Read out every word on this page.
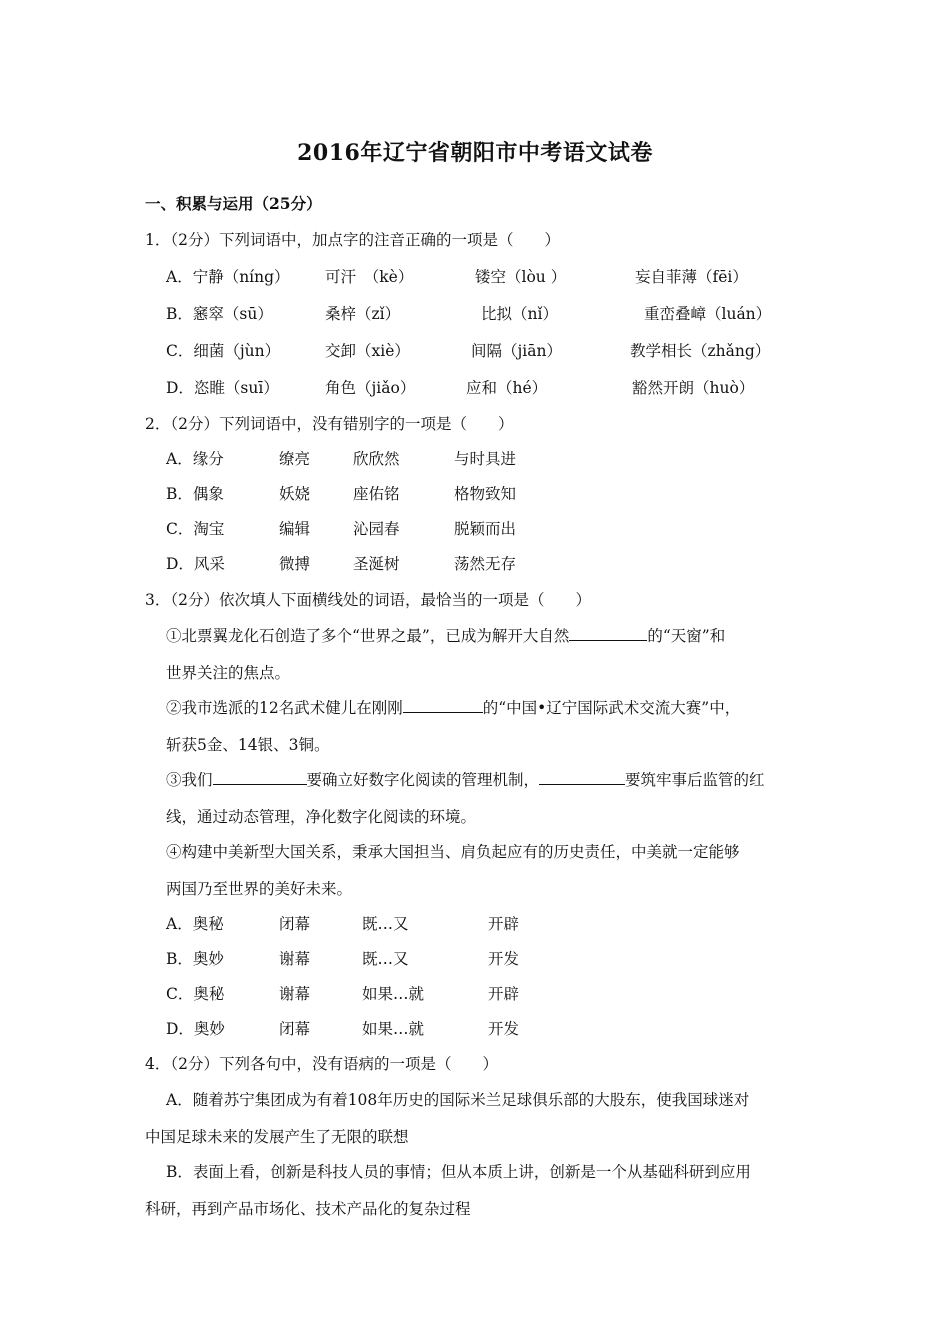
2016年辽宁省朝阳市中考语文试卷
一、积累与运用（25分）
1．（2分）下列词语中，加点字的注音正确的一项是（　　）
A．宁静（níng） 可汗　（kè）	镂空（lòu ）	妄自菲薄（fēi）
B．窸窣（sū）	桑梓（zǐ）	比拟（nǐ）	重峦叠嶂（luán）
C．细菌（jùn）	交卸（xiè）	间隔（jiān）	教学相长（zhǎng）
D．恣睢（suī）	角色（jiǎo）	应和（hé）	豁然开朗（huò）
2．（2分）下列词语中，没有错别字的一项是（　　）
A．缘分	缭亮	欣欣然	与时具进
B．偶象	妖娆	座佑铭	格物致知
C．淘宝	编辑	沁园春	脱颖而出
D．风采	微搏	圣涎树	荡然无存
3．（2分）依次填人下面横线处的词语，最恰当的一项是（　　）
①北票翼龙化石创造了多个“世界之最”，已成为解开大自然	的“天窗”和
世界关注的焦点。
②我市选派的12名武术健儿在刚刚	的“中国•辽宁国际武术交流大赛”中，
斩获5金、14银、3铜。
③我们	要确立好数字化阅读的管理机制，	要筑牢事后监管的红
线，通过动态管理，净化数字化阅读的环境。
④构建中美新型大国关系，秉承大国担当、肩负起应有的历史责任，中美就一定能够
两国乃至世界的美好未来。
A．奥秘	闭幕	既…又	开辟
B．奥妙	谢幕	既…又	开发
C．奥秘	谢幕	如果…就	开辟
D．奥妙	闭幕	如果…就	开发
4．（2分）下列各句中，没有语病的一项是（　　）
A．随着苏宁集团成为有着108年历史的国际米兰足球俱乐部的大股东，使我国球迷对
中国足球未来的发展产生了无限的联想
B．表面上看，创新是科技人员的事情；但从本质上讲，创新是一个从基础科研到应用
科研，再到产品市场化、技术产品化的复杂过程
